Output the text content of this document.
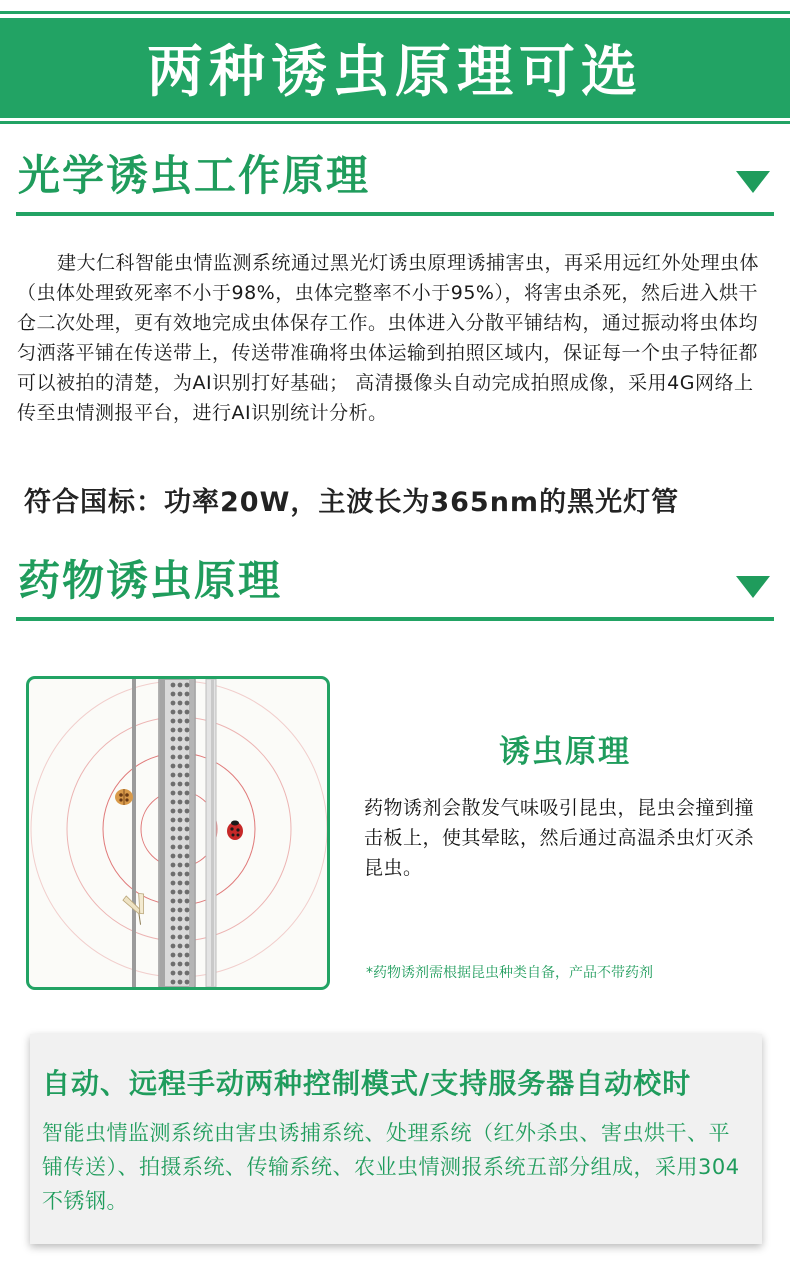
两种诱虫原理可选
光学诱虫工作原理
建大仁科智能虫情监测系统通过黑光灯诱虫原理诱捕害虫，再采用远红外处理虫体（虫体处理致死率不小于98%，虫体完整率不小于95%），将害虫杀死，然后进入烘干仓二次处理，更有效地完成虫体保存工作。虫体进入分散平铺结构，通过振动将虫体均匀洒落平铺在传送带上，传送带准确将虫体运输到拍照区域内，保证每一个虫子特征都可以被拍的清楚，为AI识别打好基础； 高清摄像头自动完成拍照成像，采用4G网络上传至虫情测报平台，进行AI识别统计分析。
符合国标：功率20W，主波长为365nm的黑光灯管
药物诱虫原理
诱虫原理
药物诱剂会散发气味吸引昆虫，昆虫会撞到撞击板上，使其晕眩，然后通过高温杀虫灯灭杀昆虫。
*药物诱剂需根据昆虫种类自备，产品不带药剂
自动、远程手动两种控制模式/支持服务器自动校时
智能虫情监测系统由害虫诱捕系统、处理系统（红外杀虫、害虫烘干、平铺传送）、拍摄系统、传输系统、农业虫情测报系统五部分组成，采用304不锈钢。
